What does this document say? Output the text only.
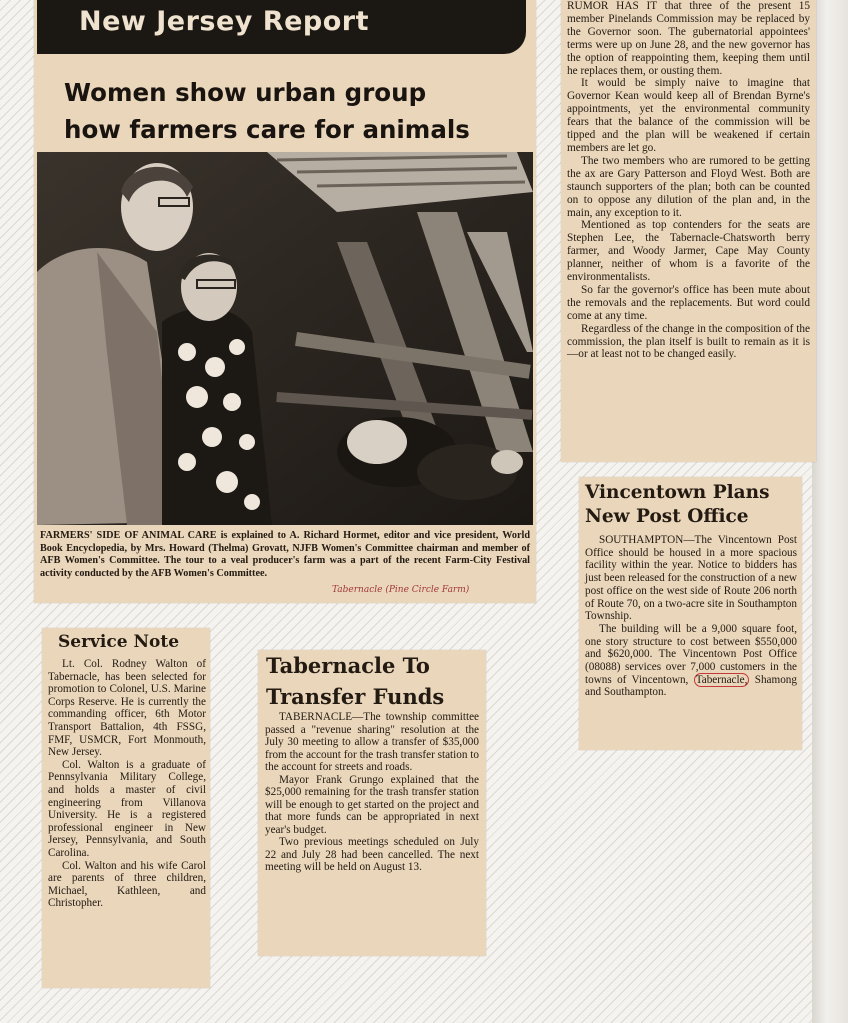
New Jersey Report
Women show urban group
how farmers care for animals
FARMERS' SIDE OF ANIMAL CARE is explained to A. Richard Hormet, editor and vice president, World Book Encyclopedia, by Mrs. Howard (Thelma) Grovatt, NJFB Women's Committee chairman and member of AFB Women's Committee. The tour to a veal producer's farm was a part of the recent Farm-City Festival activity conducted by the AFB Women's Committee.
Tabernacle (Pine Circle Farm)

RUMOR HAS IT that three of the present 15 member Pinelands Commission may be replaced by the Governor soon. The gubernatorial appointees' terms were up on June 28, and the new governor has the option of reappointing them, keeping them until he replaces them, or ousting them.

It would be simply naive to imagine that Governor Kean would keep all of Brendan Byrne's appointments, yet the environmental community fears that the balance of the commission will be tipped and the plan will be weakened if certain members are let go.

The two members who are rumored to be getting the ax are Gary Patterson and Floyd West. Both are staunch supporters of the plan; both can be counted on to oppose any dilution of the plan and, in the main, any exception to it.

Mentioned as top contenders for the seats are Stephen Lee, the Tabernacle-Chatsworth berry farmer, and Woody Jarmer, Cape May County planner, neither of whom is a favorite of the environmentalists.

So far the governor's office has been mute about the removals and the replacements. But word could come at any time.

Regardless of the change in the composition of the commission, the plan itself is built to remain as it is—or at least not to be changed easily.

Vincentown Plans
New Post Office

SOUTHAMPTON—The Vincentown Post Office should be housed in a more spacious facility within the year. Notice to bidders has just been released for the construction of a new post office on the west side of Route 206 north of Route 70, on a two-acre site in Southampton Township.

The building will be a 9,000 square foot, one story structure to cost between $550,000 and $620,000. The Vincentown Post Office (08088) services over 7,000 customers in the towns of Vincentown, Tabernacle, Shamong and Southampton.

Service Note

Lt. Col. Rodney Walton of Tabernacle, has been selected for promotion to Colonel, U.S. Marine Corps Reserve. He is currently the commanding officer, 6th Motor Transport Battalion, 4th FSSG, FMF, USMCR, Fort Monmouth, New Jersey.

Col. Walton is a graduate of Pennsylvania Military College, and holds a master of civil engineering from Villanova University. He is a registered professional engineer in New Jersey, Pennsylvania, and South Carolina.

Col. Walton and his wife Carol are parents of three children, Michael, Kathleen, and Christopher.

Tabernacle To
Transfer Funds

TABERNACLE—The township committee passed a "revenue sharing" resolution at the July 30 meeting to allow a transfer of $35,000 from the account for the trash transfer station to the account for streets and roads.

Mayor Frank Grungo explained that the $25,000 remaining for the trash transfer station will be enough to get started on the project and that more funds can be appropriated in next year's budget.

Two previous meetings scheduled on July 22 and July 28 had been cancelled. The next meeting will be held on August 13.
